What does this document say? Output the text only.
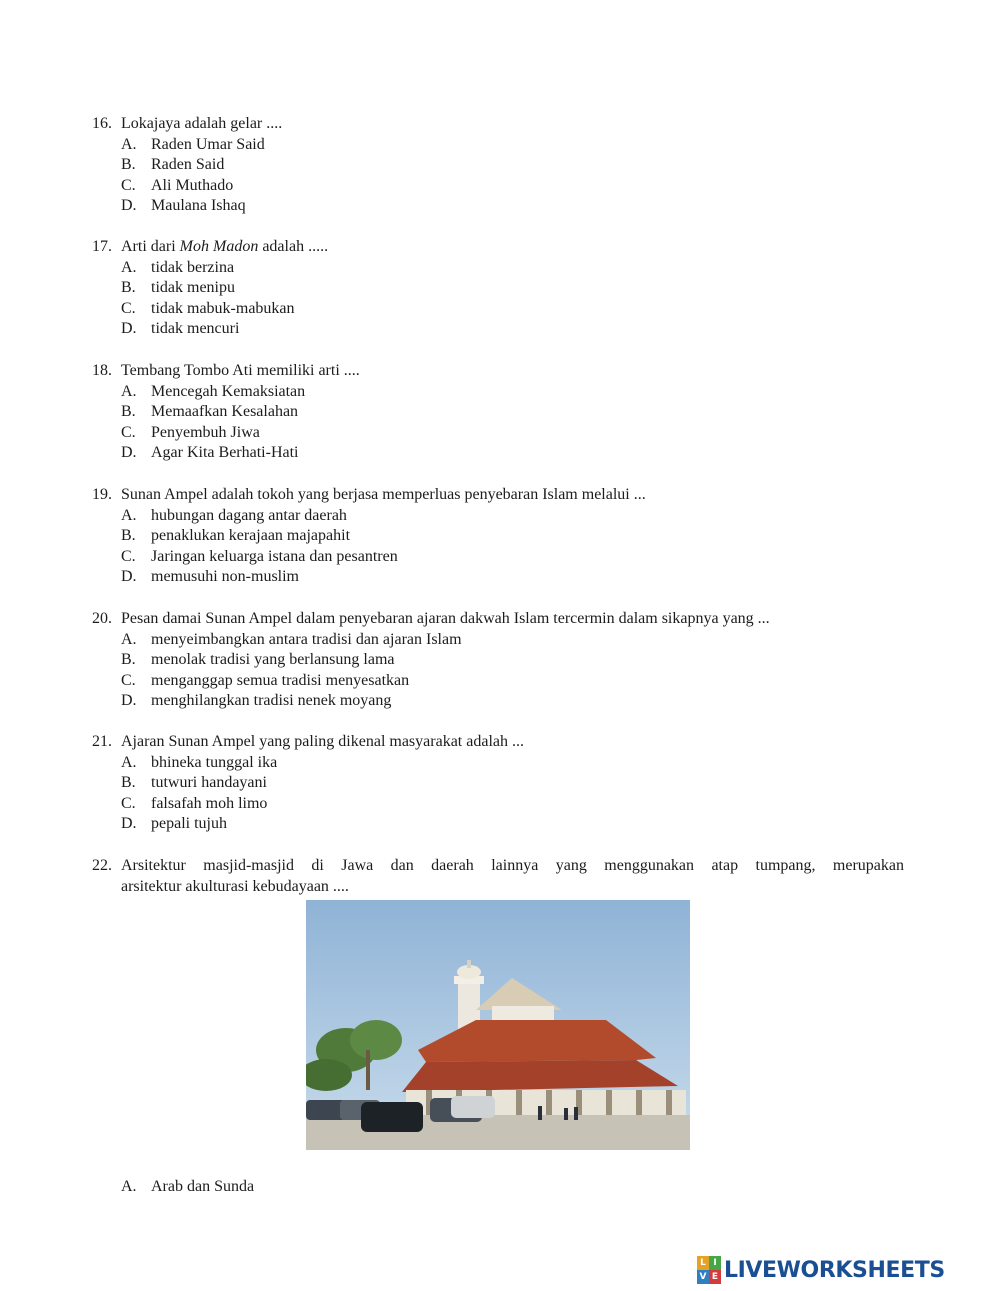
16. Lokajaya adalah gelar ....
A. Raden Umar Said
B. Raden Said
C. Ali Muthado
D. Maulana Ishaq
17. Arti dari Moh Madon adalah .....
A. tidak berzina
B. tidak menipu
C. tidak mabuk-mabukan
D. tidak mencuri
18. Tembang Tombo Ati memiliki arti ....
A. Mencegah Kemaksiatan
B. Memaafkan Kesalahan
C. Penyembuh Jiwa
D. Agar Kita Berhati-Hati
19. Sunan Ampel adalah tokoh yang berjasa memperluas penyebaran Islam melalui ...
A. hubungan dagang antar daerah
B. penaklukan kerajaan majapahit
C. Jaringan keluarga istana dan pesantren
D. memusuhi non-muslim
20. Pesan damai Sunan Ampel dalam penyebaran ajaran dakwah Islam tercermin dalam sikapnya yang ...
A. menyeimbangkan antara tradisi dan ajaran Islam
B. menolak tradisi yang berlansung lama
C. menganggap semua tradisi menyesatkan
D. menghilangkan tradisi nenek moyang
21. Ajaran Sunan Ampel yang paling dikenal masyarakat adalah ...
A. bhineka tunggal ika
B. tutwuri handayani
C. falsafah moh limo
D. pepali tujuh
22. Arsitektur masjid-masjid di Jawa dan daerah lainnya yang menggunakan atap tumpang, merupakan
arsitektur akulturasi kebudayaan ....
A. Arab dan Sunda
L I
V E LIVEWORKSHEETS
